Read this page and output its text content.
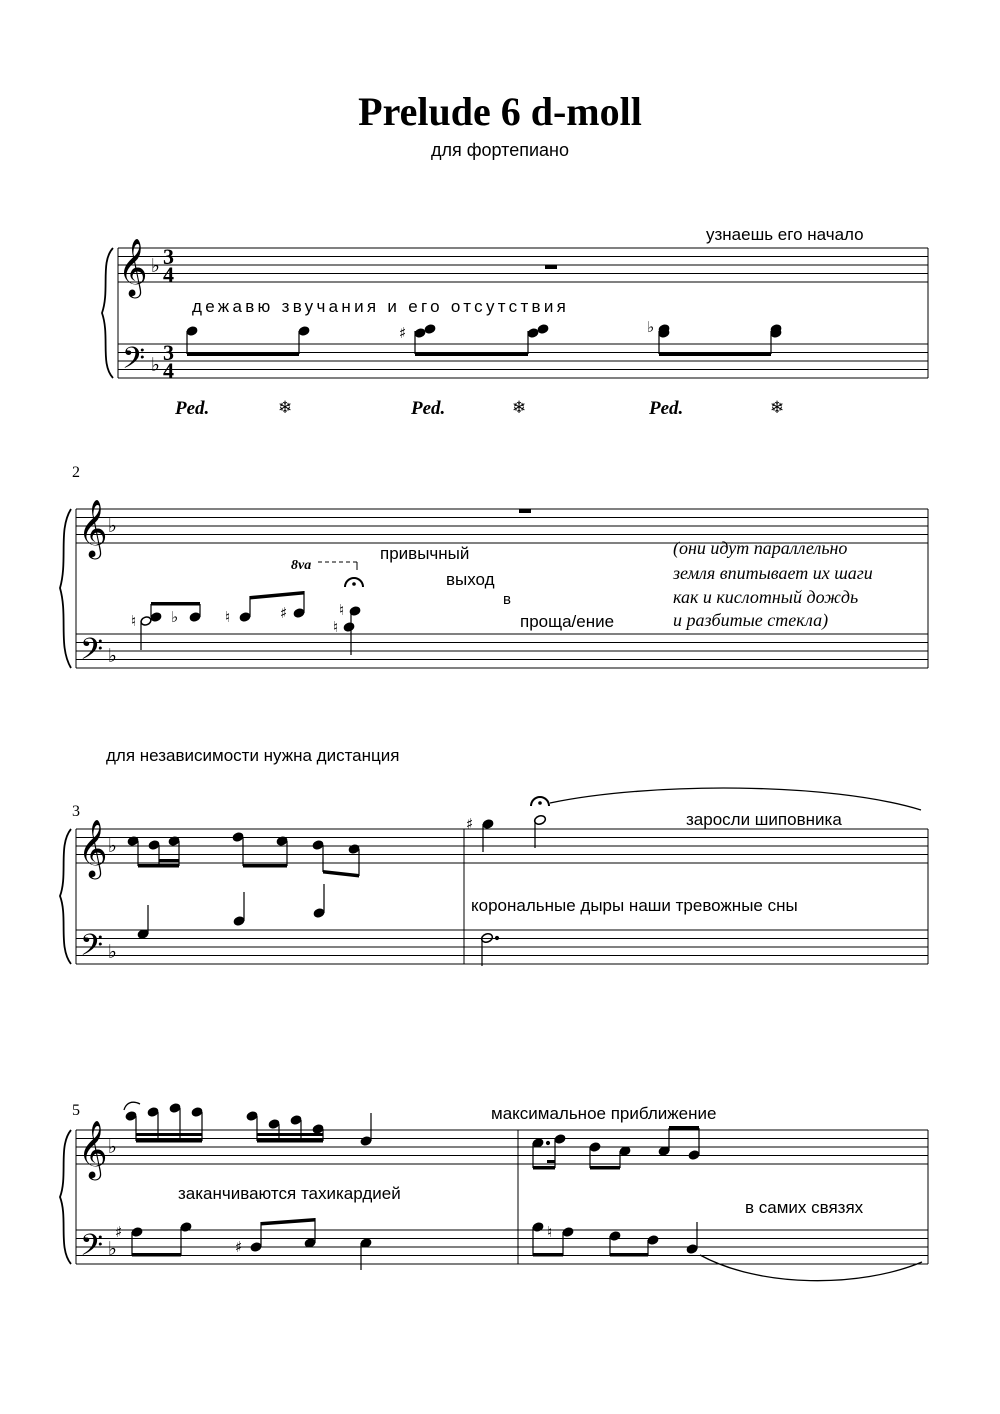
Prelude 6 d-moll
для фортепиано
𝄞
𝄢
♭
♭
𝄞
𝄢
♭
♭
𝄞
𝄢
♭
♭
𝄞
𝄢
♭
♭
3
4
3
4
♯	♭
♮ ♭	♮	♯
♮
♮
8va
♯
♯
♯
♮
Ped.	Ped.	Ped.
❄	❄	❄
2
3
5
узнаешь его начало
дежавю звучания и его отсутствия
привычный
выход
в
проща/ение
(они идут параллельно
земля впитывает их шаги
как и кислотный дождь
и разбитые стекла)
для независимости нужна дистанция
заросли шиповника
корональные дыры наши тревожные сны
максимальное приближение
заканчиваются тахикардией
в самих связях
